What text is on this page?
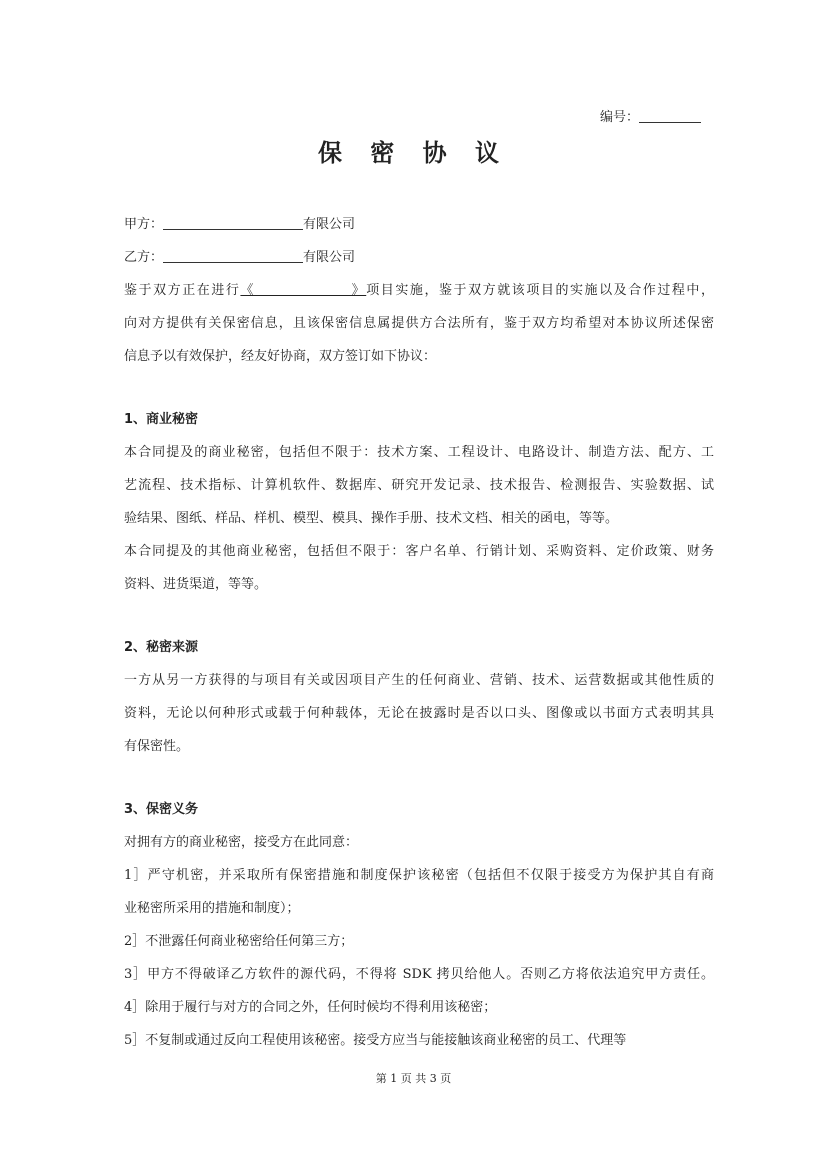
编号：
保 密 协 议
甲方：	有限公司
乙方：	有限公司
鉴于双方正在进行《                 》项目实施，鉴于双方就该项目的实施以及合作过程中，
向对方提供有关保密信息，且该保密信息属提供方合法所有，鉴于双方均希望对本协议所述保密
信息予以有效保护，经友好协商，双方签订如下协议：
1、商业秘密
本合同提及的商业秘密，包括但不限于：技术方案、工程设计、电路设计、制造方法、配方、工
艺流程、技术指标、计算机软件、数据库、研究开发记录、技术报告、检测报告、实验数据、试
验结果、图纸、样品、样机、模型、模具、操作手册、技术文档、相关的函电，等等。
本合同提及的其他商业秘密，包括但不限于：客户名单、行销计划、采购资料、定价政策、财务
资料、进货渠道，等等。
2、秘密来源
一方从另一方获得的与项目有关或因项目产生的任何商业、营销、技术、运营数据或其他性质的
资料，无论以何种形式或载于何种载体，无论在披露时是否以口头、图像或以书面方式表明其具
有保密性。
3、保密义务
对拥有方的商业秘密，接受方在此同意：
1］严守机密，并采取所有保密措施和制度保护该秘密（包括但不仅限于接受方为保护其自有商
业秘密所采用的措施和制度）；
2］不泄露任何商业秘密给任何第三方；
3］甲方不得破译乙方软件的源代码，不得将 SDK 拷贝给他人。否则乙方将依法追究甲方责任。
4］除用于履行与对方的合同之外，任何时候均不得利用该秘密；
5］不复制或通过反向工程使用该秘密。接受方应当与能接触该商业秘密的员工、代理等
第 1 页 共 3 页
